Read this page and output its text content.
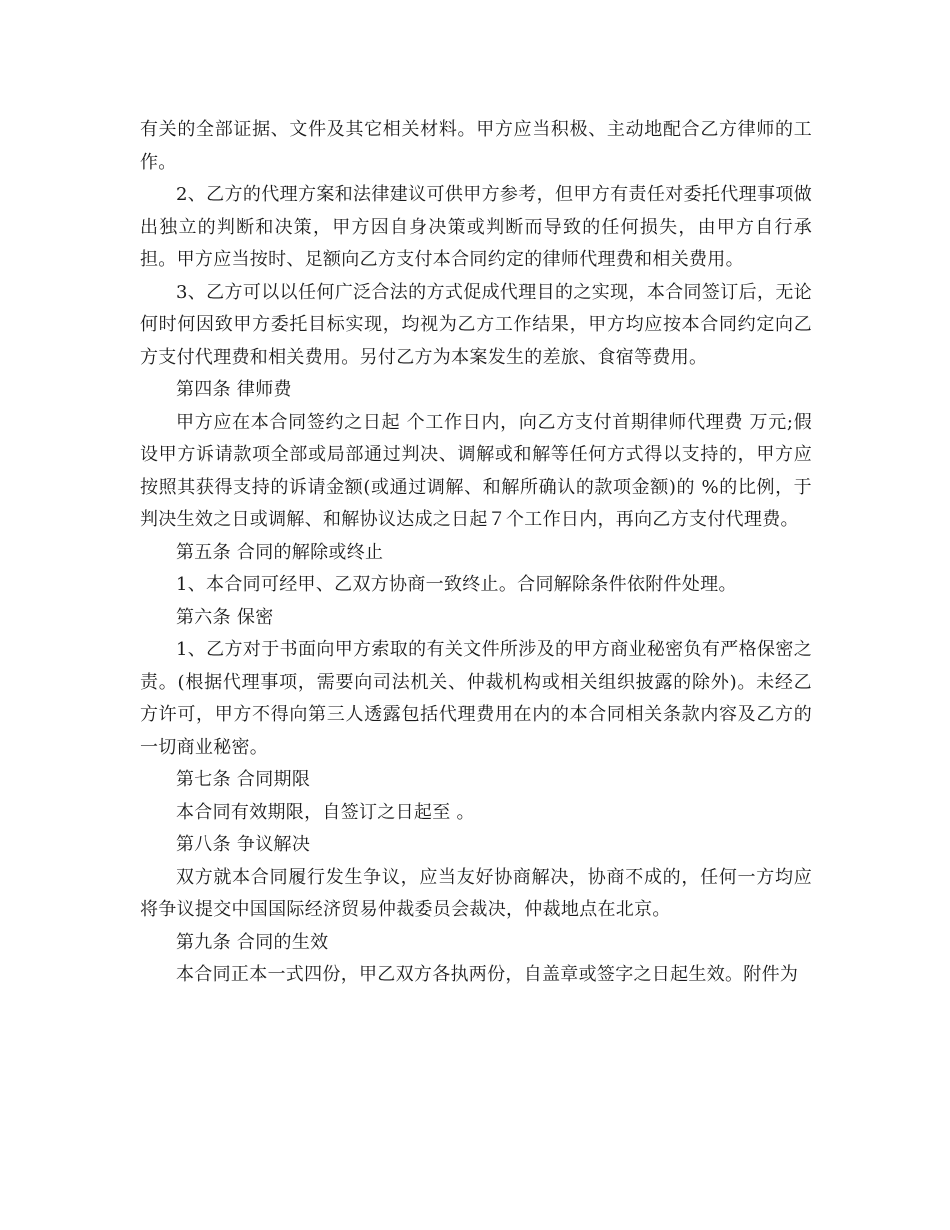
有关的全部证据、文件及其它相关材料。甲方应当积极、主动地配合乙方律师的工作。

2、乙方的代理方案和法律建议可供甲方参考，但甲方有责任对委托代理事项做出独立的判断和决策，甲方因自身决策或判断而导致的任何损失，由甲方自行承担。甲方应当按时、足额向乙方支付本合同约定的律师代理费和相关费用。

3、乙方可以以任何广泛合法的方式促成代理目的之实现，本合同签订后，无论何时何因致甲方委托目标实现，均视为乙方工作结果，甲方均应按本合同约定向乙方支付代理费和相关费用。另付乙方为本案发生的差旅、食宿等费用。

第四条 律师费

甲方应在本合同签约之日起 个工作日内，向乙方支付首期律师代理费 万元;假设甲方诉请款项全部或局部通过判决、调解或和解等任何方式得以支持的，甲方应按照其获得支持的诉请金额(或通过调解、和解所确认的款项金额)的 %的比例，于判决生效之日或调解、和解协议达成之日起７个工作日内，再向乙方支付代理费。

第五条 合同的解除或终止

1、本合同可经甲、乙双方协商一致终止。合同解除条件依附件处理。

第六条 保密

1、乙方对于书面向甲方索取的有关文件所涉及的甲方商业秘密负有严格保密之责。(根据代理事项，需要向司法机关、仲裁机构或相关组织披露的除外)。未经乙方许可，甲方不得向第三人透露包括代理费用在内的本合同相关条款内容及乙方的一切商业秘密。

第七条 合同期限

本合同有效期限，自签订之日起至 。

第八条 争议解决

双方就本合同履行发生争议，应当友好协商解决，协商不成的，任何一方均应将争议提交中国国际经济贸易仲裁委员会裁决，仲裁地点在北京。

第九条 合同的生效

本合同正本一式四份，甲乙双方各执两份，自盖章或签字之日起生效。附件为
